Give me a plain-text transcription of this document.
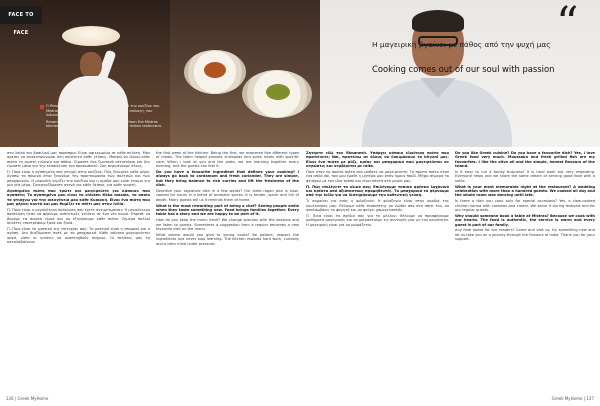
FACE TO FACE
Ο Rimanesh σερβίρει μια ποικιλία πιάτων από την κουζίνα του Mistras. Photos courtesy of our own πιάτο για επιλογή, του Ινδικού εστιατορίου Mistras.
Rimanesh's team plates up a range of dishes from the Mistras kitchen. Photos courtesy of our own authentic Indian restaurant.
“
Η μαγειρική βγαίνει με πάθος από την ψυχή μας
Cooking comes out of our soul with passion

στο λαϊκό και βασιλικό μας παράπρια. Είναι αφιερωμένο σε κάθε πελάτη. Μου αρέσει να επικεντρώνομαι στη ποιότητα κάθε γεύσης. Μπορώ να δώσω κάθε πιάτο τη σωστή ευλογία και πάθος. Είμαστε ένα ζωντανό εστιατόριο και δεν είμαστε μόνο για την εκπαίδευση του προσωπικού. Σας περιμένουμε όλους.

Π. Ποια είναι η αγαπημένη σας στιγμή στην κουζίνα; Πώς ξεκινάτε κάθε μέρα; Αγαπώ τα πρωινά όταν ξεκινάμε την προετοιμασία των σαλτσών και των μπαχαρικών. Η μυρωδιά γεμίζει την κουζίνα και η ομάδα μου είναι έτοιμη για μια νέα μέρα. Συνεργαζόμαστε στενά για κάθε δείπνο, για κάθε γιορτή.

Αγαπημένο πιάτο που τρώτε και μαγειρεύετε για κάποιον που αγαπάτε; Το αγαπημένο μου είναι το chicken tikka masala, το οποίο το φτιάχνω για την οικογένειά μου κάθε Κυριακή. Είναι ένα πιάτο που μας φέρνει κοντά και μας θυμίζει το σπίτι μας στην Ινδία.

Π. Ποια είναι η μεγαλύτερη πρόκληση που έχετε αντιμετωπίσει; Η μεγαλύτερη πρόκληση ήταν να φέρουμε αυθεντικές γεύσεις σε ένα νέο κοινό. Έπρεπε να βρούμε τα σωστά υλικά και να εξηγήσουμε κάθε πιάτο. Σήμερα πολλοί πελάτες επιστρέφουν ξανά και ξανά.

Π. Ποιο είναι το μυστικό της επιτυχίας σας; Το μυστικό είναι η υπομονή και η αγάπη. Δεν βιαζόμαστε ποτέ με τα μπαχαρικά. Κάθε σάλτσα μαγειρεύεται αργά, ώστε οι γεύσεις να αναπτυχθούν πλήρως. Οι πελάτες μας το καταλαβαίνουν.

the first week of the kitchen. Being the first, we mastered five different types of meals. The team helped prepare chickpeas and spice mixes with specific care. When I look at you and the plate, we are learning together every evening, and the guests can feel it.

Do you have a favourite ingredient that defines your cooking? I always go back to cardamom and fresh coriander. They are simple, but they bring balance to rich curries and lift the freshness of the dish.

Describe your signature dish in a few words? Our lamb rogan josh is slow-cooked for hours in a blend of aromatic spices. It is tender, warm and full of depth. Many guests tell us it reminds them of home.

What is the most rewarding part of being a chef? Seeing people smile when they taste something new. Food brings families together. Every table has a story and we are happy to be part of it.

How do you keep the menu fresh? We change specials with the seasons and we listen to guests. Sometimes a suggestion from a regular becomes a new favourite dish on the menu.

What advice would you give to young cooks? Be patient, respect the ingredients and never stop learning. The kitchen rewards hard work, curiosity and a calm mind under pressure.

Ζητήστε εδώ τον Rimanesh. Υπάρχει κάποιο ιδιαίτερο πιάτο που προτείνετε; Ναι, προτείνω σε όλους να δοκιμάσουν το biryani μας. Είναι ένα πιάτο με ρύζι, κρέας και μπαχαρικά που μαγειρεύεται σε στρώσεις και σερβίρεται με raita.

Ποιο ήταν το πρώτο πιάτο που μάθατε να μαγειρεύετε; Το πρώτο πιάτο ήταν ένα απλό dal, που μου έμαθε η μητέρα μου όταν ήμουν παιδί. Μέχρι σήμερα το φτιάχνω με τον ίδιο τρόπο και είναι πάντα στο μενού μας.

Π. Πώς επιλέγετε τα υλικά σας; Επιλέγουμε τοπικά φρέσκα λαχανικά και κρέατα από αξιόπιστους προμηθευτές. Τα μπαχαρικά τα φέρνουμε από την Ινδία για να διατηρήσουμε την αυθεντική γεύση.

Τι σημαίνει για εσάς η φιλοξενία; Η φιλοξενία είναι στην καρδιά της κουλτούρας μας. Θέλουμε κάθε επισκέπτης να νιώθει σαν στο σπίτι του, να απολαμβάνει το φαγητό και να φεύγει χαμογελαστός.

Π. Ποια είναι τα σχέδιά σας για το μέλλον; Θέλουμε να προσφέρουμε μαθήματα μαγειρικής και να μοιραστούμε τις συνταγές μας με την κοινότητα. Η μαγειρική είναι για να μοιράζεται.

Do you like Greek cuisine? Do you have a favourite dish? Yes, I love Greek food very much. Moussaka and fresh grilled fish are my favourites. I like the olive oil and the simple, honest flavours of the island.

Is it easy to run a family business? It is hard work but very rewarding. Everyone helps and we share the same dream of serving good food with a smile.

What is your most memorable night at the restaurant? A wedding celebration with more than a hundred guests. We cooked all day and the whole room was dancing until late.

Is there a dish you cook only for special occasions? Yes, a slow-cooked chicken korma with cashews and cream. We serve it during festivals and for our regular guests.

Why should someone book a table at Mistras? Because we cook with our hearts. The food is authentic, the service is warm and every guest is part of our family.

Any final words for our readers? Come and visit us, try something new and let us take you on a journey through the flavours of India. Thank you for your support.

136 | Greek MyHome	Greek MyHome | 137
